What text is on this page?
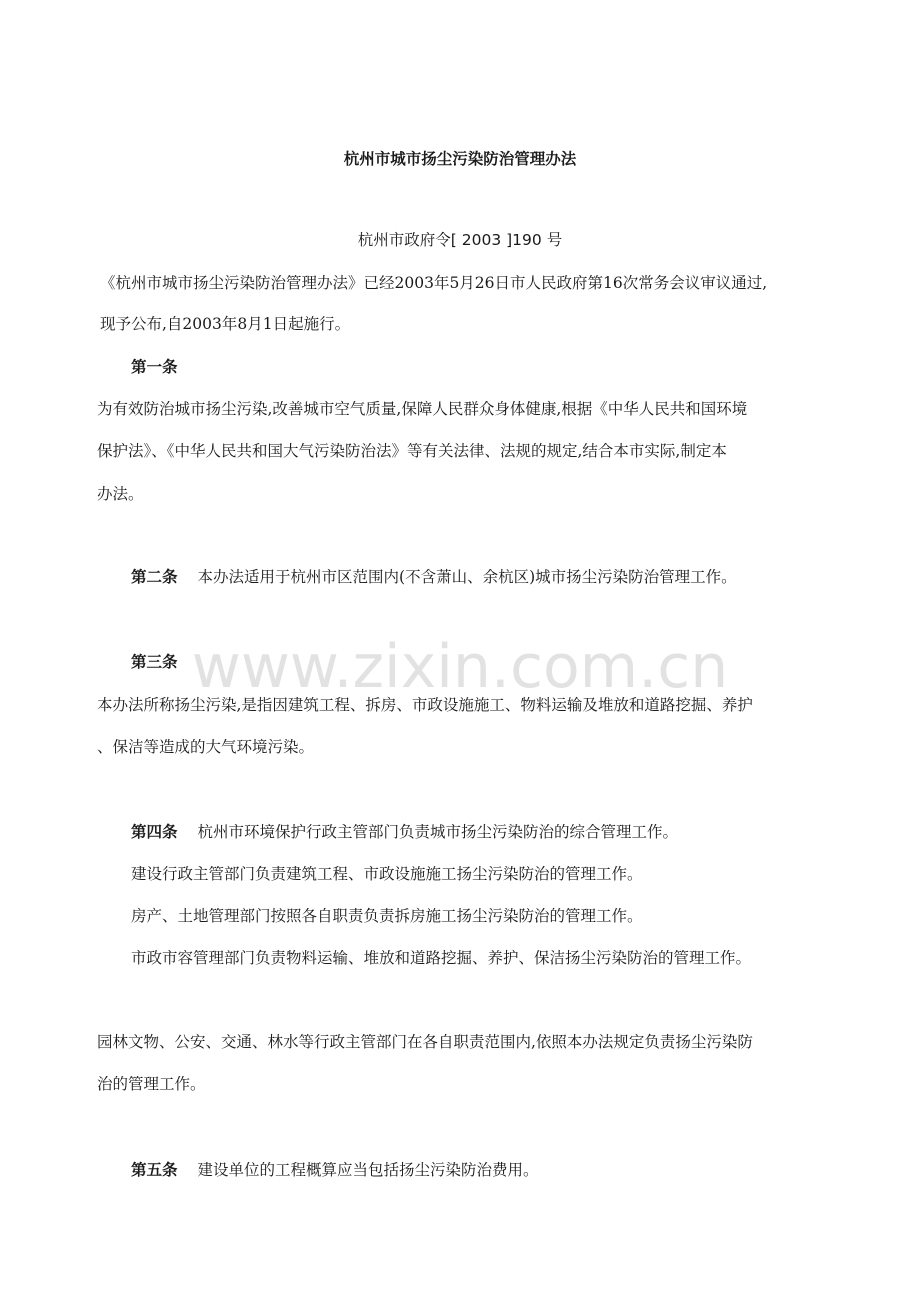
杭州市城市扬尘污染防治管理办法
杭州市政府令[ 2003 ]190 号
《杭州市城市扬尘污染防治管理办法》已经2003年5月26日市人民政府第16次常务会议审议通过,
现予公布,自2003年8月1日起施行。
第一条
为有效防治城市扬尘污染,改善城市空气质量,保障人民群众身体健康,根据《中华人民共和国环境
保护法》、《中华人民共和国大气污染防治法》等有关法律、法规的规定,结合本市实际,制定本
办法。
第二条 本办法适用于杭州市区范围内(不含萧山、余杭区)城市扬尘污染防治管理工作。
第三条
本办法所称扬尘污染,是指因建筑工程、拆房、市政设施施工、物料运输及堆放和道路挖掘、养护
、保洁等造成的大气环境污染。
第四条 杭州市环境保护行政主管部门负责城市扬尘污染防治的综合管理工作。
建设行政主管部门负责建筑工程、市政设施施工扬尘污染防治的管理工作。
房产、土地管理部门按照各自职责负责拆房施工扬尘污染防治的管理工作。
市政市容管理部门负责物料运输、堆放和道路挖掘、养护、保洁扬尘污染防治的管理工作。
园林文物、公安、交通、林水等行政主管部门在各自职责范围内,依照本办法规定负责扬尘污染防
治的管理工作。
第五条 建设单位的工程概算应当包括扬尘污染防治费用。
www.zixin.com.cn
